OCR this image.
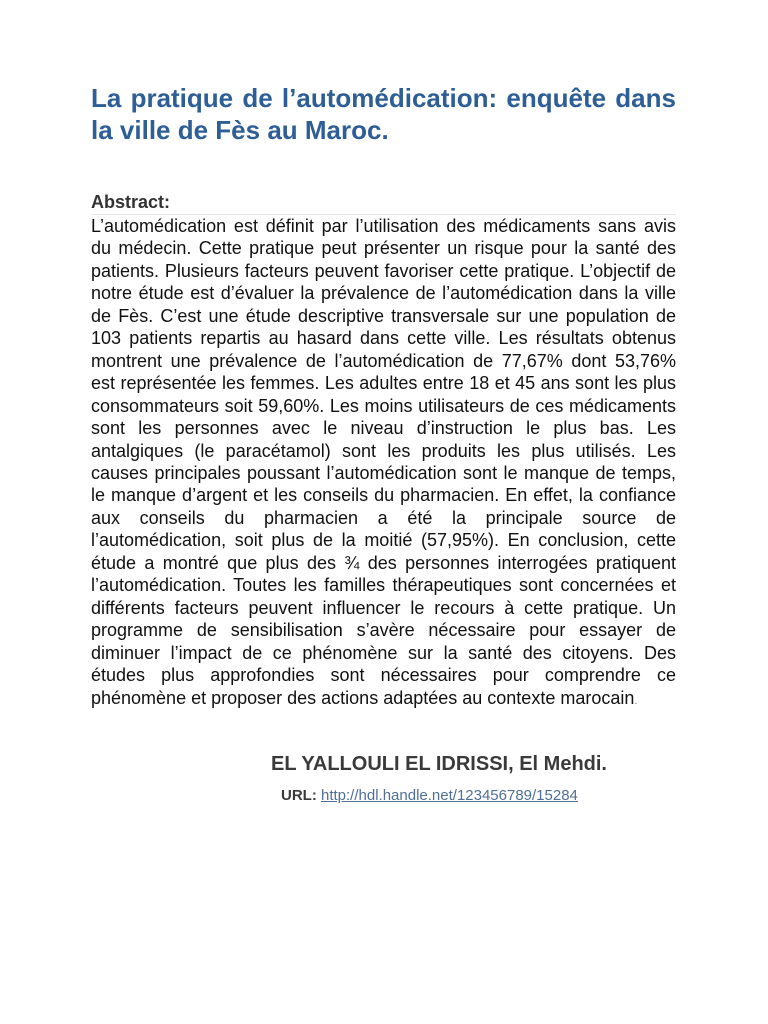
La pratique de l’automédication: enquête dans la ville de Fès au Maroc.
Abstract:

L’automédication est définit par l’utilisation des médicaments sans avis du médecin. Cette pratique peut présenter un risque pour la santé des patients. Plusieurs facteurs peuvent favoriser cette pratique. L’objectif de notre étude est d’évaluer la prévalence de l’automédication dans la ville de Fès. C’est une étude descriptive transversale sur une population de 103 patients repartis au hasard dans cette ville. Les résultats obtenus montrent une prévalence de l’automédication de 77,67% dont 53,76% est représentée les femmes. Les adultes entre 18 et 45 ans sont les plus consommateurs soit 59,60%. Les moins utilisateurs de ces médicaments sont les personnes avec le niveau d’instruction le plus bas. Les antalgiques (le paracétamol) sont les produits les plus utilisés. Les causes principales poussant l’automédication sont le manque de temps, le manque d’argent et les conseils du pharmacien. En effet, la confiance aux conseils du pharmacien a été la principale source de l’automédication, soit plus de la moitié (57,95%). En conclusion, cette étude a montré que plus des ¾ des personnes interrogées pratiquent l’automédication. Toutes les familles thérapeutiques sont concernées et différents facteurs peuvent influencer le recours à cette pratique. Un programme de sensibilisation s’avère nécessaire pour essayer de diminuer l’impact de ce phénomène sur la santé des citoyens. Des études plus approfondies sont nécessaires pour comprendre ce phénomène et proposer des actions adaptées au contexte marocain.

EL YALLOULI EL IDRISSI, El Mehdi.
URL: http://hdl.handle.net/123456789/15284
